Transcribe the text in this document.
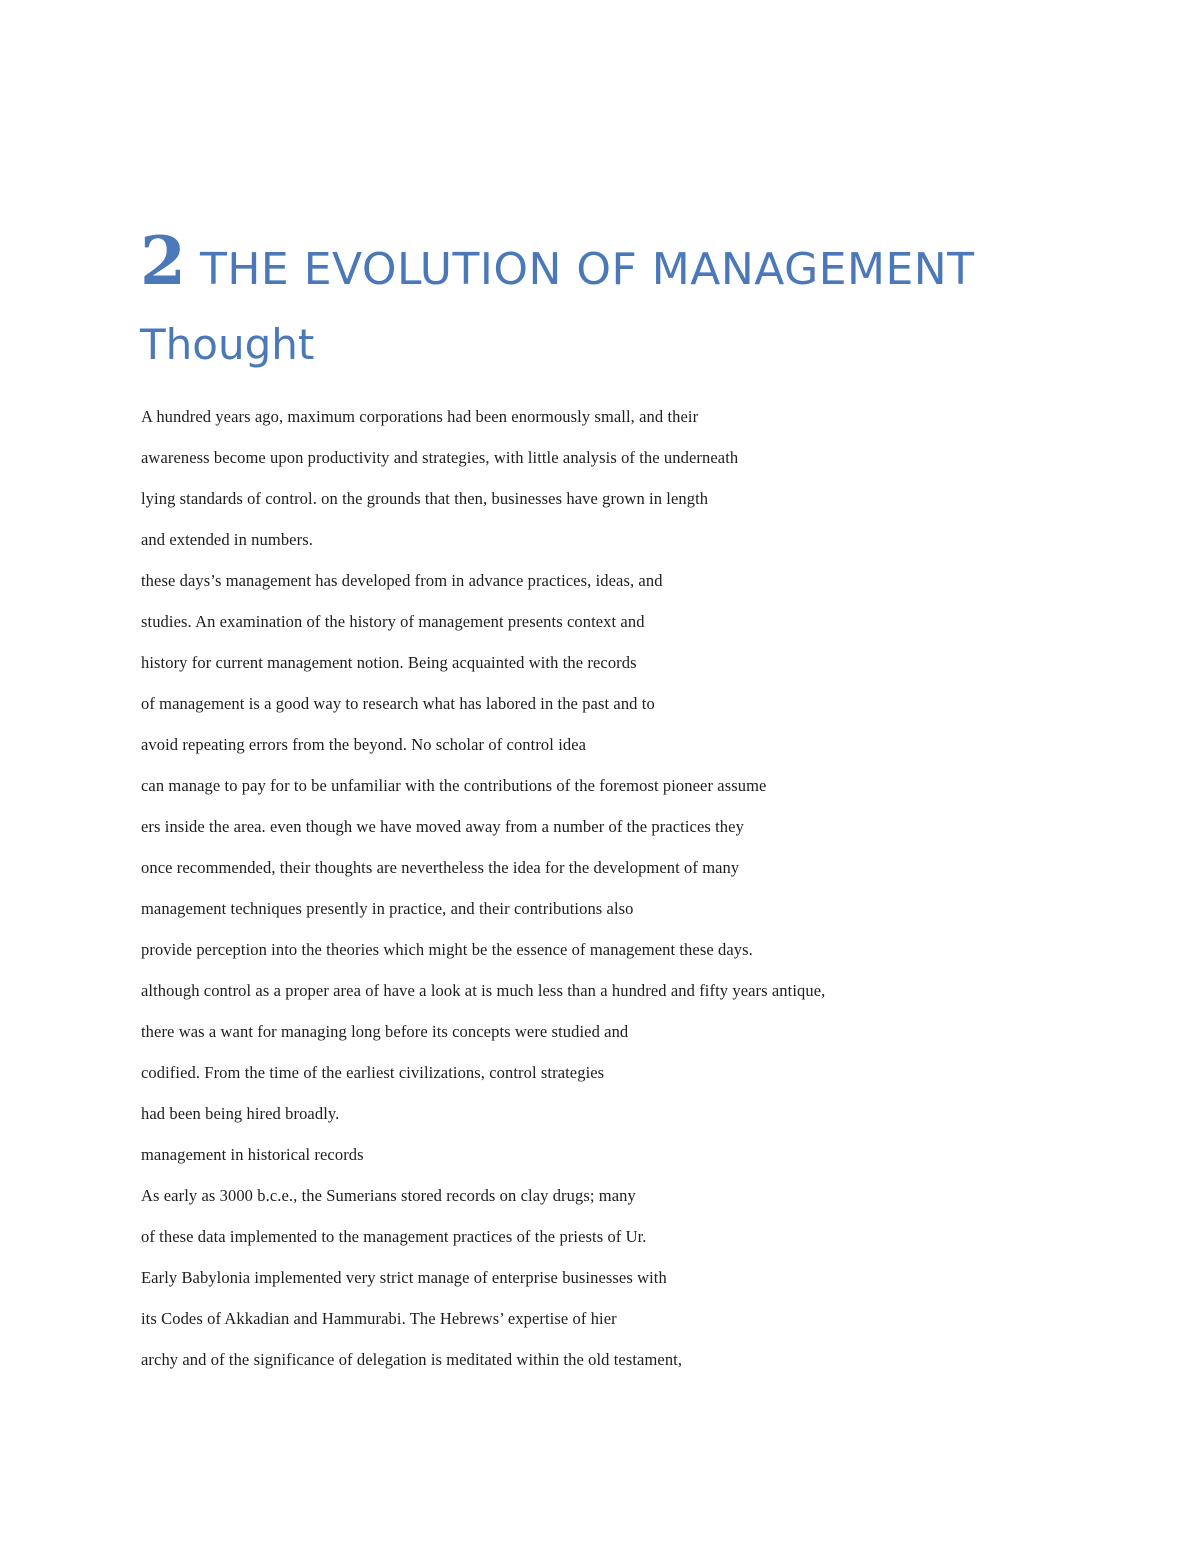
2 THE EVOLUTION OF MANAGEMENT
Thought
A hundred years ago, maximum corporations had been enormously small, and their
awareness become upon productivity and strategies, with little analysis of the underneath
lying standards of control. on the grounds that then, businesses have grown in length
and extended in numbers.
these days’s management has developed from in advance practices, ideas, and
studies. An examination of the history of management presents context and
history for current management notion. Being acquainted with the records
of management is a good way to research what has labored in the past and to
avoid repeating errors from the beyond. No scholar of control idea
can manage to pay for to be unfamiliar with the contributions of the foremost pioneer assume
ers inside the area. even though we have moved away from a number of the practices they
once recommended, their thoughts are nevertheless the idea for the development of many
management techniques presently in practice, and their contributions also
provide perception into the theories which might be the essence of management these days.
although control as a proper area of have a look at is much less than a hundred and fifty years antique,
there was a want for managing long before its concepts were studied and
codified. From the time of the earliest civilizations, control strategies
had been being hired broadly.
management in historical records
As early as 3000 b.c.e., the Sumerians stored records on clay drugs; many
of these data implemented to the management practices of the priests of Ur.
Early Babylonia implemented very strict manage of enterprise businesses with
its Codes of Akkadian and Hammurabi. The Hebrews’ expertise of hier
archy and of the significance of delegation is meditated within the old testament,
